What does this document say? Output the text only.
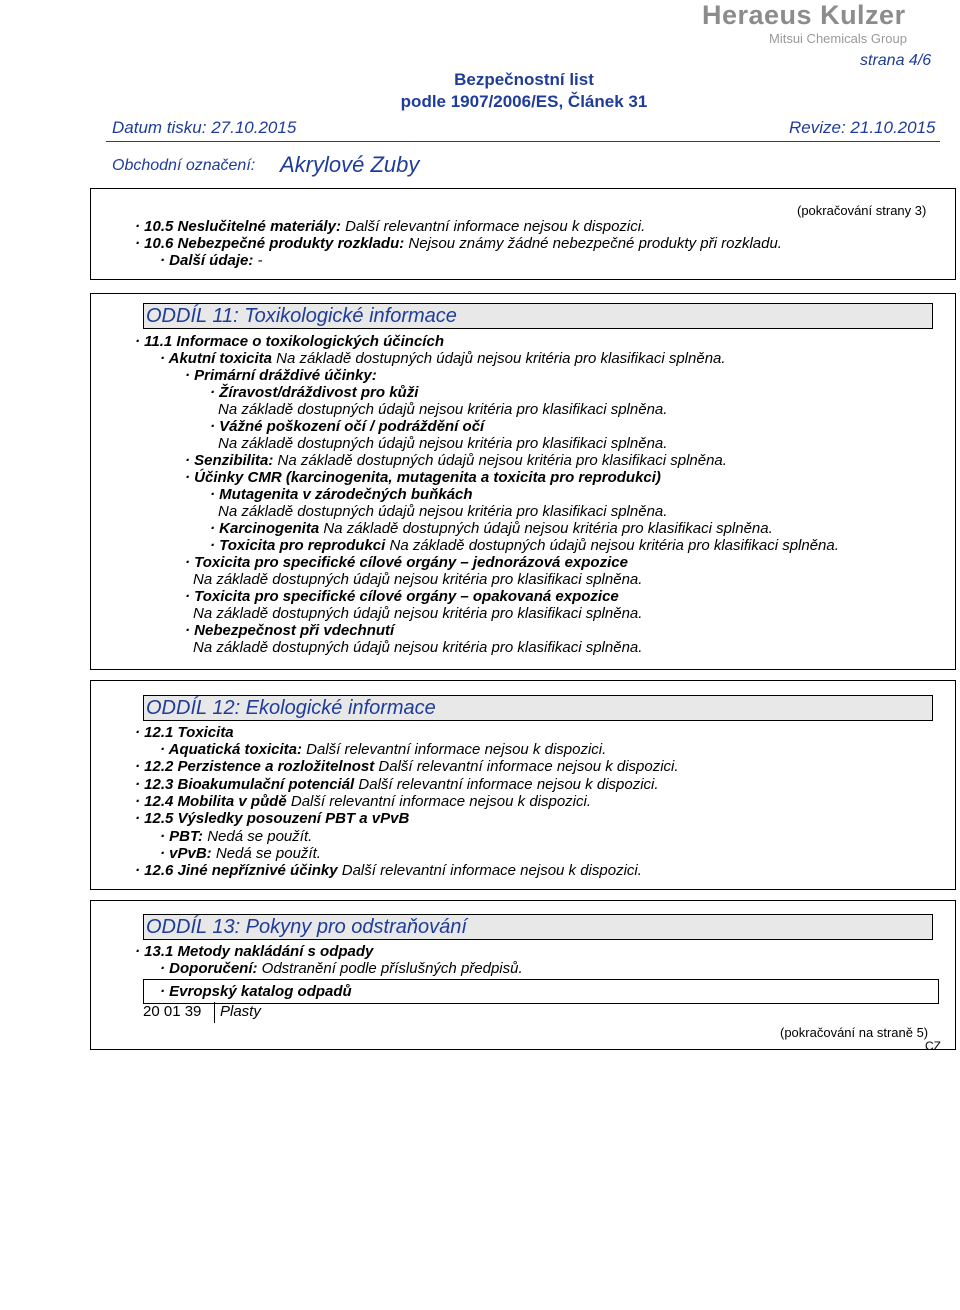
Heraeus Kulzer
Mitsui Chemicals Group
strana 4/6
Bezpečnostní list
podle 1907/2006/ES, Článek 31
Datum tisku: 27.10.2015	Revize: 21.10.2015
Obchodní označení: Akrylové Zuby
(pokračování strany 3)
· 10.5 Neslučitelné materiály: Další relevantní informace nejsou k dispozici.
· 10.6 Nebezpečné produkty rozkladu: Nejsou známy žádné nebezpečné produkty při rozkladu.
· Další údaje: -
ODDÍL 11: Toxikologické informace
· 11.1 Informace o toxikologických účincích
· Akutní toxicita Na základě dostupných údajů nejsou kritéria pro klasifikaci splněna.
· Primární dráždivé účinky:
· Žíravost/dráždivost pro kůži
Na základě dostupných údajů nejsou kritéria pro klasifikaci splněna.
· Vážné poškození očí / podráždění očí
Na základě dostupných údajů nejsou kritéria pro klasifikaci splněna.
· Senzibilita: Na základě dostupných údajů nejsou kritéria pro klasifikaci splněna.
· Účinky CMR (karcinogenita, mutagenita a toxicita pro reprodukci)
· Mutagenita v zárodečných buňkách
Na základě dostupných údajů nejsou kritéria pro klasifikaci splněna.
· Karcinogenita Na základě dostupných údajů nejsou kritéria pro klasifikaci splněna.
· Toxicita pro reprodukci Na základě dostupných údajů nejsou kritéria pro klasifikaci splněna.
· Toxicita pro specifické cílové orgány – jednorázová expozice
Na základě dostupných údajů nejsou kritéria pro klasifikaci splněna.
· Toxicita pro specifické cílové orgány – opakovaná expozice
Na základě dostupných údajů nejsou kritéria pro klasifikaci splněna.
· Nebezpečnost při vdechnutí
Na základě dostupných údajů nejsou kritéria pro klasifikaci splněna.
ODDÍL 12: Ekologické informace
· 12.1 Toxicita
· Aquatická toxicita: Další relevantní informace nejsou k dispozici.
· 12.2 Perzistence a rozložitelnost Další relevantní informace nejsou k dispozici.
· 12.3 Bioakumulační potenciál Další relevantní informace nejsou k dispozici.
· 12.4 Mobilita v půdě Další relevantní informace nejsou k dispozici.
· 12.5 Výsledky posouzení PBT a vPvB
· PBT: Nedá se použít.
· vPvB: Nedá se použít.
· 12.6 Jiné nepříznivé účinky Další relevantní informace nejsou k dispozici.
ODDÍL 13: Pokyny pro odstraňování
· 13.1 Metody nakládání s odpady
· Doporučení: Odstranění podle příslušných předpisů.
· Evropský katalog odpadů
20 01 39 Plasty
(pokračování na straně 5)
CZ
